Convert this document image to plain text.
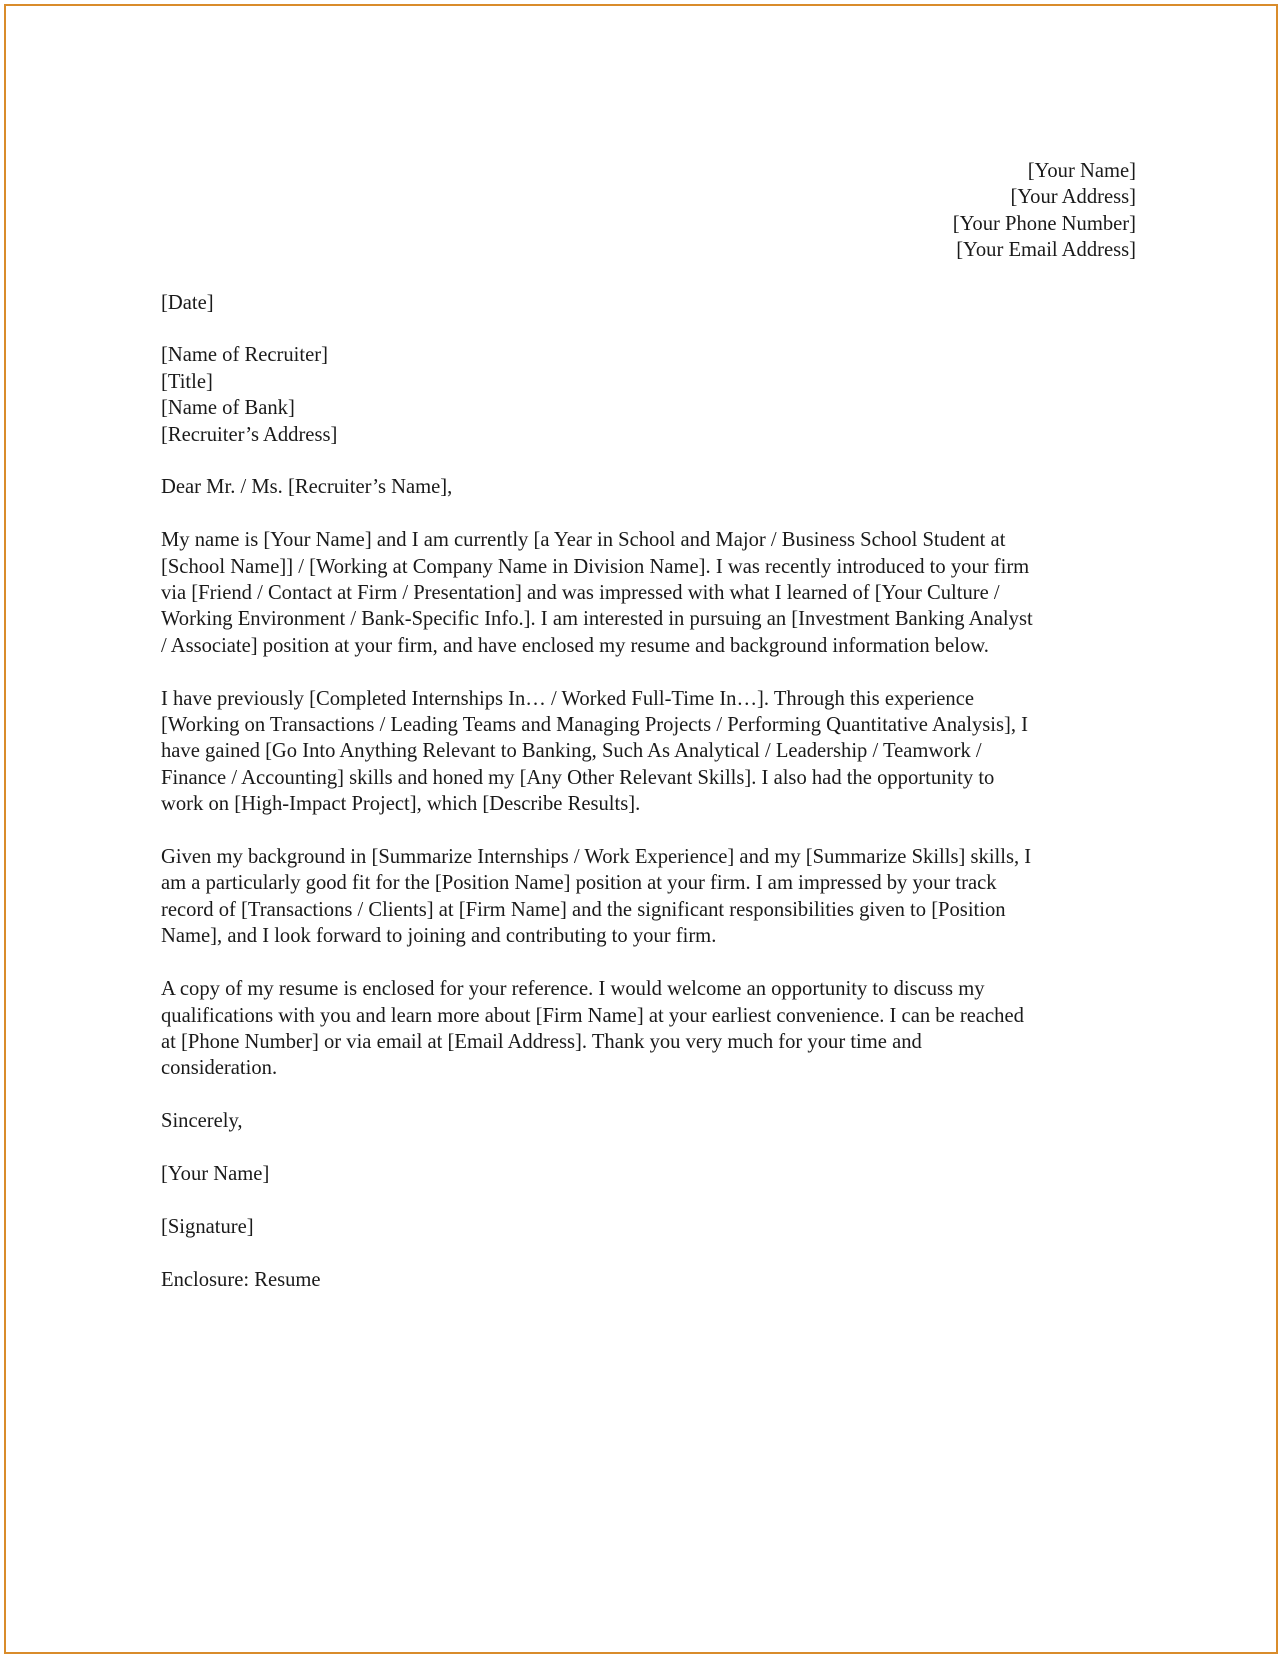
[Your Name]
[Your Address]
[Your Phone Number]
[Your Email Address]
[Date]
[Name of Recruiter]
[Title]
[Name of Bank]
[Recruiter’s Address]
Dear Mr. / Ms. [Recruiter’s Name],
My name is [Your Name] and I am currently [a Year in School and Major / Business School Student at
[School Name]] / [Working at Company Name in Division Name]. I was recently introduced to your firm
via [Friend / Contact at Firm / Presentation] and was impressed with what I learned of [Your Culture /
Working Environment / Bank-Specific Info.]. I am interested in pursuing an [Investment Banking Analyst
/ Associate] position at your firm, and have enclosed my resume and background information below.
I have previously [Completed Internships In… / Worked Full-Time In…]. Through this experience
[Working on Transactions / Leading Teams and Managing Projects / Performing Quantitative Analysis], I
have gained [Go Into Anything Relevant to Banking, Such As Analytical / Leadership / Teamwork /
Finance / Accounting] skills and honed my [Any Other Relevant Skills]. I also had the opportunity to
work on [High-Impact Project], which [Describe Results].
Given my background in [Summarize Internships / Work Experience] and my [Summarize Skills] skills, I
am a particularly good fit for the [Position Name] position at your firm. I am impressed by your track
record of [Transactions / Clients] at [Firm Name] and the significant responsibilities given to [Position
Name], and I look forward to joining and contributing to your firm.
A copy of my resume is enclosed for your reference. I would welcome an opportunity to discuss my
qualifications with you and learn more about [Firm Name] at your earliest convenience. I can be reached
at [Phone Number] or via email at [Email Address]. Thank you very much for your time and
consideration.
Sincerely,
[Your Name]
[Signature]
Enclosure: Resume
